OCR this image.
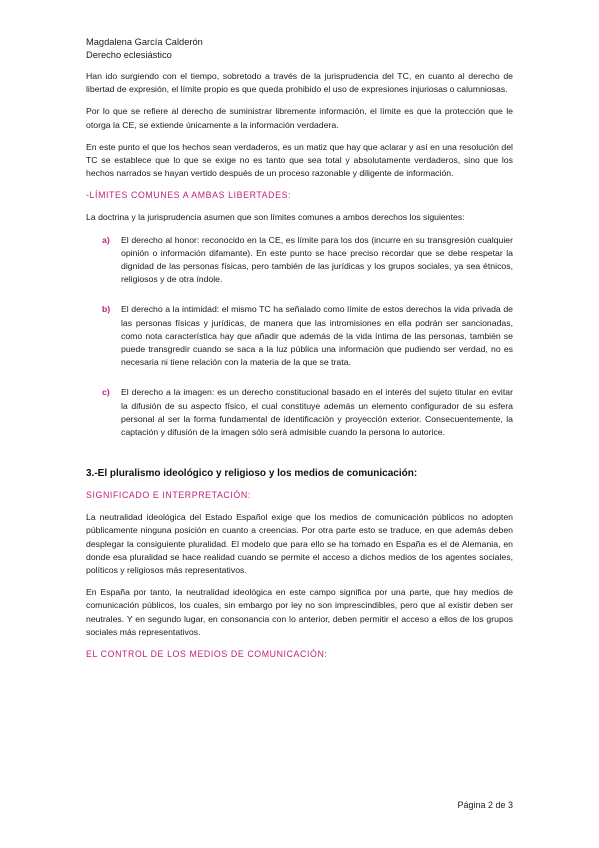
Magdalena García Calderón
Derecho eclesiástico

Han ido surgiendo con el tiempo, sobretodo a través de la jurisprudencia del TC, en cuanto al derecho de libertad de expresión, el límite propio es que queda prohibido el uso de expresiones injuriosas o calumniosas.

Por lo que se refiere al derecho de suministrar libremente información, el límite es que la protección que le otorga la CE, se extiende únicamente a la información verdadera.

En este punto el que los hechos sean verdaderos, es un matiz que hay que aclarar y así en una resolución del TC se establece que lo que se exige no es tanto que sea total y absolutamente verdaderos, sino que los hechos narrados se hayan vertido después de un proceso razonable y diligente de información.

-LÍMITES COMUNES A AMBAS LIBERTADES:

La doctrina y la jurisprudencia asumen que son límites comunes a ambos derechos los siguientes:

a) El derecho al honor: reconocido en la CE, es límite para los dos (incurre en su transgresión cualquier opinión o información difamante). En este punto se hace preciso recordar que se debe respetar la dignidad de las personas físicas, pero también de las jurídicas y los grupos sociales, ya sea étnicos, religiosos y de otra índole.
b) El derecho a la intimidad: el mismo TC ha señalado como límite de estos derechos la vida privada de las personas físicas y jurídicas, de manera que las intromisiones en ella podrán ser sancionadas, como nota característica hay que añadir que además de la vida íntima de las personas, también se puede transgredir cuando se saca a la luz pública una información que pudiendo ser verdad, no es necesaria ni tiene relación con la materia de la que se trata.
c) El derecho a la imagen: es un derecho constitucional basado en el interés del sujeto titular en evitar la difusión de su aspecto físico, el cual constituye además un elemento configurador de su esfera personal al ser la forma fundamental de identificación y proyección exterior. Consecuentemente, la captación y difusión de la imagen sólo será admisible cuando la persona lo autorice.
3.-El pluralismo ideológico y religioso y los medios de comunicación:
SIGNIFICADO E INTERPRETACIÓN:

La neutralidad ideológica del Estado Español exige que los medios de comunicación públicos no adopten públicamente ninguna posición en cuanto a creencias. Por otra parte esto se traduce, en que además deben desplegar la consiguiente pluralidad. El modelo que para ello se ha tomado en España es el de Alemania, en donde esa pluralidad se hace realidad cuando se permite el acceso a dichos medios de los agentes sociales, políticos y religiosos más representativos.

En España por tanto, la neutralidad ideológica en este campo significa por una parte, que hay medios de comunicación públicos, los cuales, sin embargo por ley no son imprescindibles, pero que al existir deben ser neutrales. Y en segundo lugar, en consonancia con lo anterior, deben permitir el acceso a ellos de los grupos sociales más representativos.

EL CONTROL DE LOS MEDIOS DE COMUNICACIÓN:
Página 2 de 3
